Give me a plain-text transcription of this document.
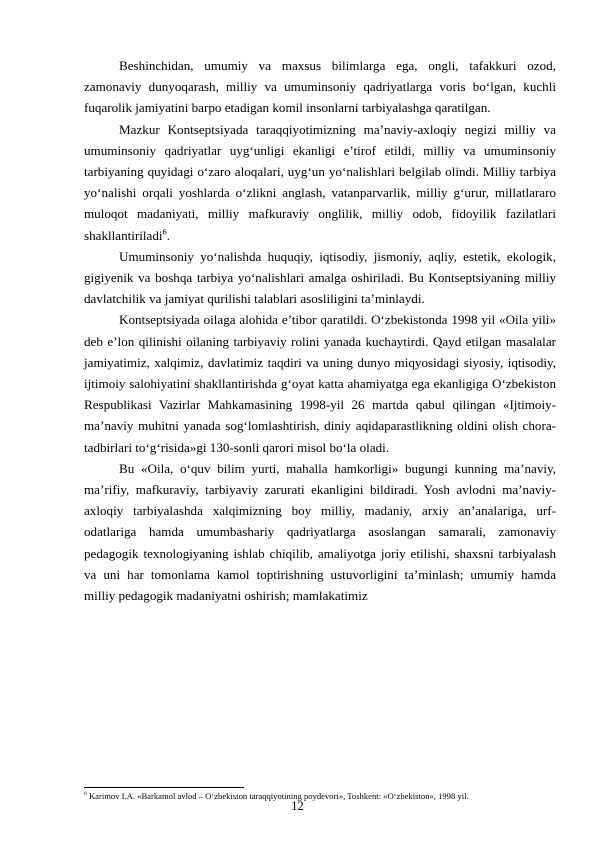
Beshinchidan, umumiy va maxsus bilimlarga ega, ongli, tafakkuri ozod, zamonaviy dunyoqarash, milliy va umuminsoniy qadriyatlarga voris bo‘lgan, kuchli fuqarolik jamiyatini barpo etadigan komil insonlarni tarbiyalashga qaratilgan.

Mazkur Kontseptsiyada taraqqiyotimizning ma’naviy-axloqiy negizi milliy va umuminsoniy qadriyatlar uyg‘unligi ekanligi e’tirof etildi, milliy va umuminsoniy tarbiyaning quyidagi o‘zaro aloqalari, uyg‘un yo‘nalishlari belgilab olindi. Milliy tarbiya yo‘nalishi orqali yoshlarda o‘zlikni anglash, vatanparvarlik, milliy g‘urur, millatlararo muloqot madaniyati, milliy mafkuraviy onglilik, milliy odob, fidoyilik fazilatlari shakllantiriladi$^6$.

Umuminsoniy yo‘nalishda huquqiy, iqtisodiy, jismoniy, aqliy, estetik, ekologik, gigiyenik va boshqa tarbiya yo‘nalishlari amalga oshiriladi. Bu Kontseptsiyaning milliy davlatchilik va jamiyat qurilishi talablari asosliligini ta’minlaydi.

Kontseptsiyada oilaga alohida e’tibor qaratildi. O‘zbekistonda 1998 yil «Oila yili» deb e’lon qilinishi oilaning tarbiyaviy rolini yanada kuchaytirdi. Qayd etilgan masalalar jamiyatimiz, xalqimiz, davlatimiz taqdiri va uning dunyo miqyosidagi siyosiy, iqtisodiy, ijtimoiy salohiyatini shakllantirishda g‘oyat katta ahamiyatga ega ekanligiga O‘zbekiston Respublikasi Vazirlar Mahkamasining 1998-yil 26 martda qabul qilingan «Ijtimoiy-ma’naviy muhitni yanada sog‘lomlashtirish, diniy aqidaparastlikning oldini olish chora-tadbirlari to‘g‘risida»gi 130-sonli qarori misol bo‘la oladi.

Bu «Oila, o‘quv bilim yurti, mahalla hamkorligi» bugungi kunning ma’naviy, ma’rifiy, mafkuraviy, tarbiyaviy zarurati ekanligini bildiradi. Yosh avlodni ma’naviy-axloqiy tarbiyalashda xalqimizning boy milliy, madaniy, arxiy an’analariga, urf-odatlariga hamda umumbashariy qadriyatlarga asoslangan samarali, zamonaviy pedagogik texnologiyaning ishlab chiqilib, amaliyotga joriy etilishi, shaxsni tarbiyalash va uni har tomonlama kamol toptirishning ustuvorligini ta’minlash; umumiy hamda milliy pedagogik madaniyatni oshirish; mamlakatimiz

$^6$ Karimov I.A. «Barkamol avlod – O‘zbekiston taraqqiyotining poydevori», Toshkent: «O‘zbekiston», 1998 yil.

12
